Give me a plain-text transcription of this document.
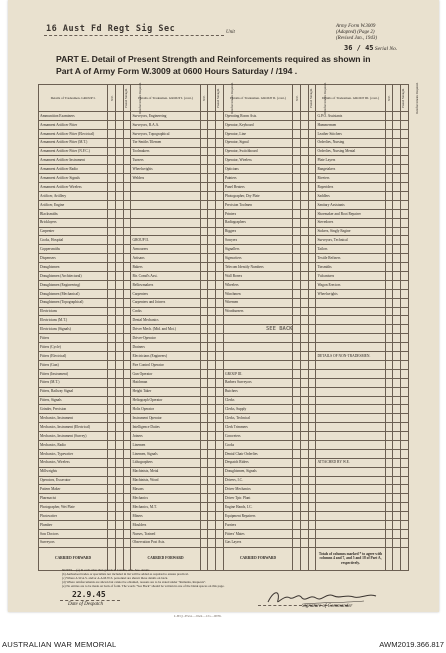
16 Aust Fd Regt Sig Sec	Unit
Army Form W.3009
(Adapted) (Page 2)
(Revised Jan., 1943)
36 / 45 Serial No.
PART E. Detail of Present Strength and Reinforcements required as shown in
Part A of Army Form W.3009 at 0600 Hours Saturday / /194 .
Details of Tradesmen. GROUP I.	W.E.	Posted Strength.	Reinforcements Required.	Details of Tradesmen. GROUP I. (cont.)	W.E.	Posted Strength.	Reinforcements Required.	Details of Tradesmen. GROUP II. (cont.)	W.E.	Posted Strength.	Reinforcements Required.	Details of Tradesmen. GROUP III. (cont.)	W.E.	Posted Strength.	Reinforcements Required.
Ammunition Examiners				Surveyors, Engineering				Operating Room Asts.				G.P.O. Assistants			
Armament Artificer Fitter				Surveyors, R.A.A.				Operator, Keyboard				Hammermen			
Armament Artificer Fitter (Electrical)				Surveyors, Topographical				Operator, Line				Leather Stitchers			
Armament Artificer Fitter (M.T.)				Tin-Smiths Tilemen				Operator, Signal				Orderlies, Nursing			
Armament Artificer Fitter (N.F.C.)				Toolmakers				Operator, Switchboard				Orderlies, Nursing Mental			
Armament Artificer Instrument				Turners				Operator, Wireless				Plate Layers			
Armament Artificer Radio				Wheelwrights				Opticians				Rangetakers			
Armament Artificer Signals				Welders				Painters				Riveters			
Armament Artificer Wireless								Panel Beaters				Roperiders			
Artificer, Artillery								Photographer, Dry Plate				Saddlers			
Artificer, Engine								Precision Toolmen				Sanitary Assistants			
Blacksmiths								Printers				Shoemaker and Boot Repairer			
Bricklayers								Radiographers				Stevedores			
Carpenter								Riggers				Stokers, Singly Engine			
Cooks, Hospital				GROUP II.				Sawyers				Surveyors, Technical			
Coppersmiths				Armourers				Signallers				Tailors			
Dispensers				Artisans				Signwriters				Textile Refiners			
Draughtsmen				Bakers				Telecom Identify Numbers				Tinsmiths			
Draughtsmen (Architectural)				Bir. Comd's Asst.				Wall Borers				Vulcanisers			
Draughtsmen (Engineering)				Bellowmakers				Wheelers				Wagon Erectors			
Draughtsmen (Mechanical)				Carpenters				Winchmen				Wheelwrights			
Draughtsmen (Topographical)				Carpenters and Joiners				Wiremen							
Electricians				Cooks				Woodturners							
Electricians (M.T.)				Dental Mechanics											
Electricians (Signals)				Driver Mech. (Mtd. and Mot.)											
Fitters				Driver-Operator											
Fitters (Cycle)				Drainers											
Fitters (Electrical)				Electricians (Engineers)								DETAILS OF NON-TRADESMEN.			
Fitters (Gun)				Fire Control Operator											
Fitters (Instrument)				Gun Operator				GROUP III.							
Fitters (M.T.)				Hatchman				Barbers Surveyors							
Fitters, Railway Signal				Height Taker				Butchers							
Fitters, Signals				Heliograph Operator				Clerks							
Grinder, Precision				Holts Operator				Clerks, Supply							
Mechanics, Instrument				Instrument Operator				Clerks, Technical							
Mechanics, Instrument (Electrical)				Intelligence Duties				Clerk Trimmers							
Mechanics, Instrument (Survey)				Joiners				Concreters							
Mechanics, Radio				Linemen				Cooks							
Mechanics, Typewriter				Linemen, Signals				Dental Chair Orderlies							
Mechanics, Wireless				Lithographers				Despatch Riders				ATTACHED BY W.E.			
Millwrights				Machinists, Metal				Draughtsmen, Signals							
Operators, Excavator				Machinists, Wood				Drivers, I.C.							
Pattern Maker				Masons				Driver Mechanics							
Pharmacist				Mechanics				Driver Tptr. Plant							
Photographer, Wet Plate				Mechanics, M.T.				Engine Hands, I.C.							
Photowriter				Miners				Equipment Repairers							
Plumber				Moulders				Farriers							
Saw Doctors				Nurses, Trained				Fitters' Mates							
Surveyors				Observation Post Asts.				Gas Layers							
CARRIED FORWARD				CARRIED FORWARD				CARRIED FORWARD				Totals of columns marked * to agree with columns 4 and 7, and 5 and 18 of Part A, respectively.			
SEE BACK
NOTES.—(a) In each other than guards in Canada, A.G. See. details
(b) Authorised trades or specialists not included in list will be added as required to ensure practical.
(c) Where A.W.A.S. and/or A.A.M.W.S. personnel are shewn these details on back.
(d) Where reinforcements are shewn but cannot be obtained, reasons are to be stated under "Remarks, Requests".
(e) No entries are to be made on back of form. The words "See Back" should be written in one of the blank spaces on this page.
22.9.45
Date of Despatch	Signature of Commander
L.H.Q. Press—1944—1/G—9036.
AUSTRALIAN WAR MEMORIAL	AWM2019.366.817
